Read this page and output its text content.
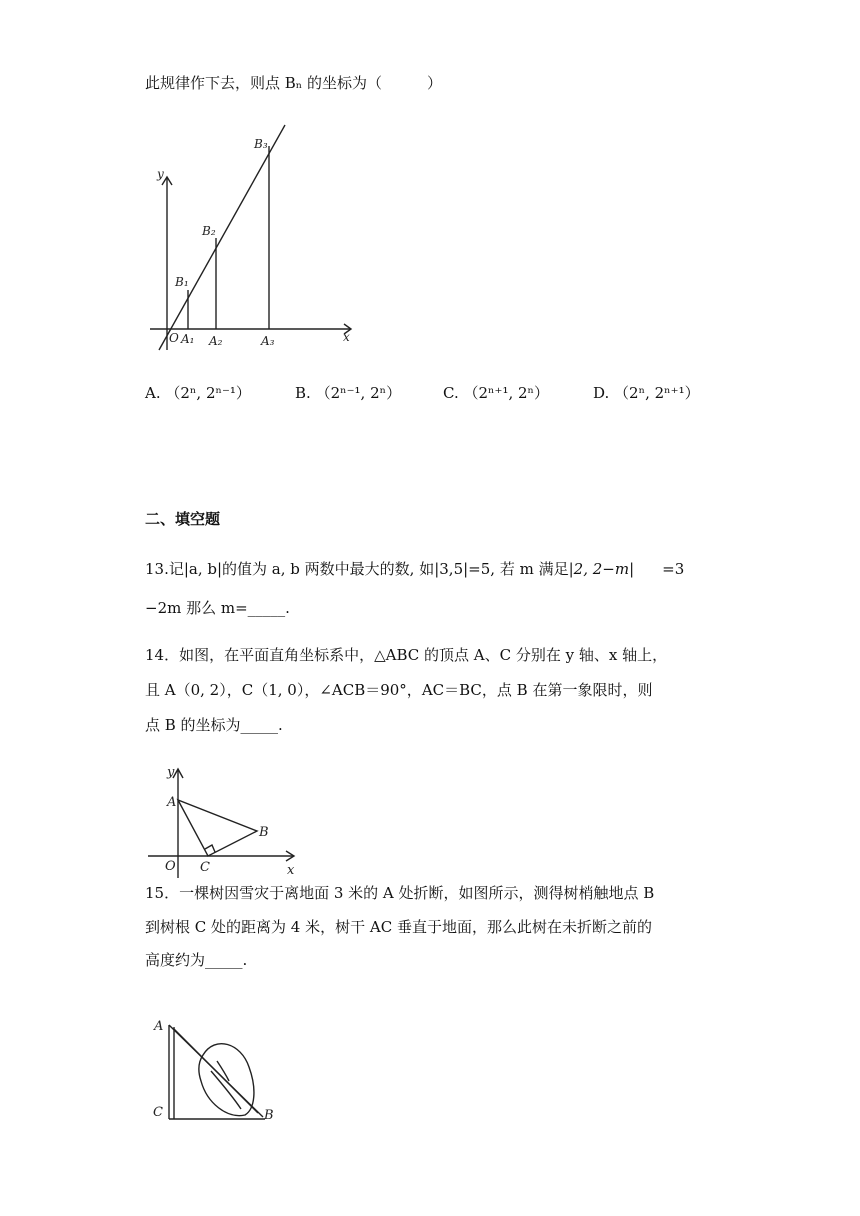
此规律作下去，则点 Bₙ 的坐标为（　　　）
y
x
O
B₁
B₂
B₃
A₁ A₂	A₃
A. （2ⁿ, 2ⁿ⁻¹）	B. （2ⁿ⁻¹, 2ⁿ）	C. （2ⁿ⁺¹, 2ⁿ）	D. （2ⁿ, 2ⁿ⁺¹）
二、填空题
13.记|a, b|的值为 a, b 两数中最大的数, 如|3,5|=5, 若 m 满足|2, 2−m| =3
−2m 那么 m=_____.
14．如图，在平面直角坐标系中，△ABC 的顶点 A、C 分别在 y 轴、x 轴上，
且 A（0, 2），C（1, 0），∠ACB＝90°，AC＝BC，点 B 在第一象限时，则
点 B 的坐标为_____.
y
x
O
A
B
C
15．一棵树因雪灾于离地面 3 米的 A 处折断，如图所示，测得树梢触地点 B
到树根 C 处的距离为 4 米，树干 AC 垂直于地面，那么此树在未折断之前的
高度约为_____.
A
B
C
